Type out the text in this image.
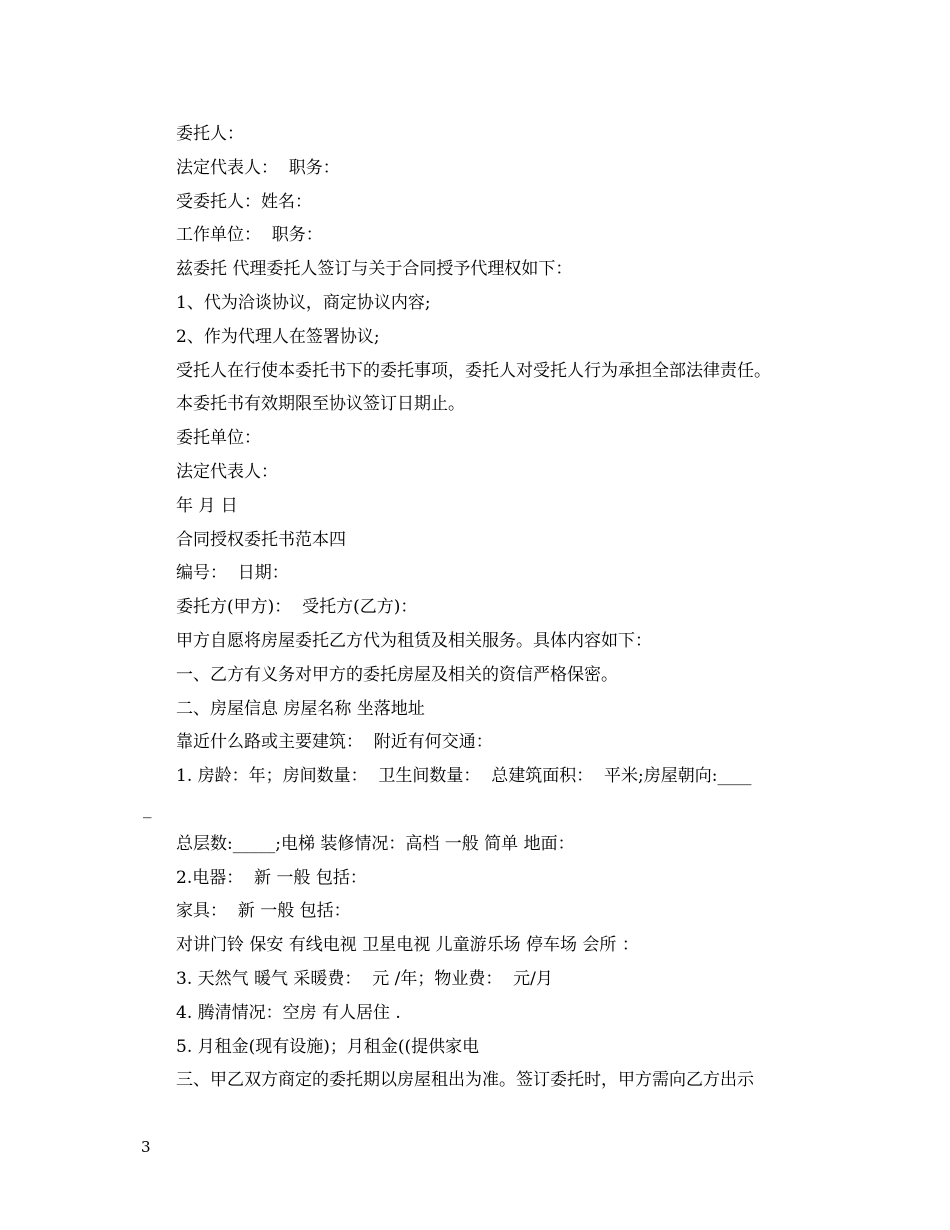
委托人：
法定代表人：  职务：
受委托人：姓名：
工作单位：  职务：
兹委托 代理委托人签订与关于合同授予代理权如下：
1、代为洽谈协议，商定协议内容;
2、作为代理人在签署协议;
受托人在行使本委托书下的委托事项，委托人对受托人行为承担全部法律责任。
本委托书有效期限至协议签订日期止。
委托单位：
法定代表人：
年 月 日
合同授权委托书范本四
编号：  日期：
委托方(甲方)：  受托方(乙方)：
甲方自愿将房屋委托乙方代为租赁及相关服务。具体内容如下：
一、乙方有义务对甲方的委托房屋及相关的资信严格保密。
二、房屋信息 房屋名称 坐落地址
靠近什么路或主要建筑：  附近有何交通：
1. 房龄：年；房间数量：  卫生间数量：  总建筑面积：  平米;房屋朝向:____
总层数:_____;电梯 装修情况：高档 一般 简单 地面：
2.电器：  新 一般 包括：
家具：  新 一般 包括：
对讲门铃 保安 有线电视 卫星电视 儿童游乐场 停车场 会所 ：
3. 天然气 暖气 采暖费：  元 /年；物业费：  元/月
4. 腾清情况：空房 有人居住 .
5. 月租金(现有设施)；月租金((提供家电
三、甲乙双方商定的委托期以房屋租出为准。签订委托时，甲方需向乙方出示
_
3
